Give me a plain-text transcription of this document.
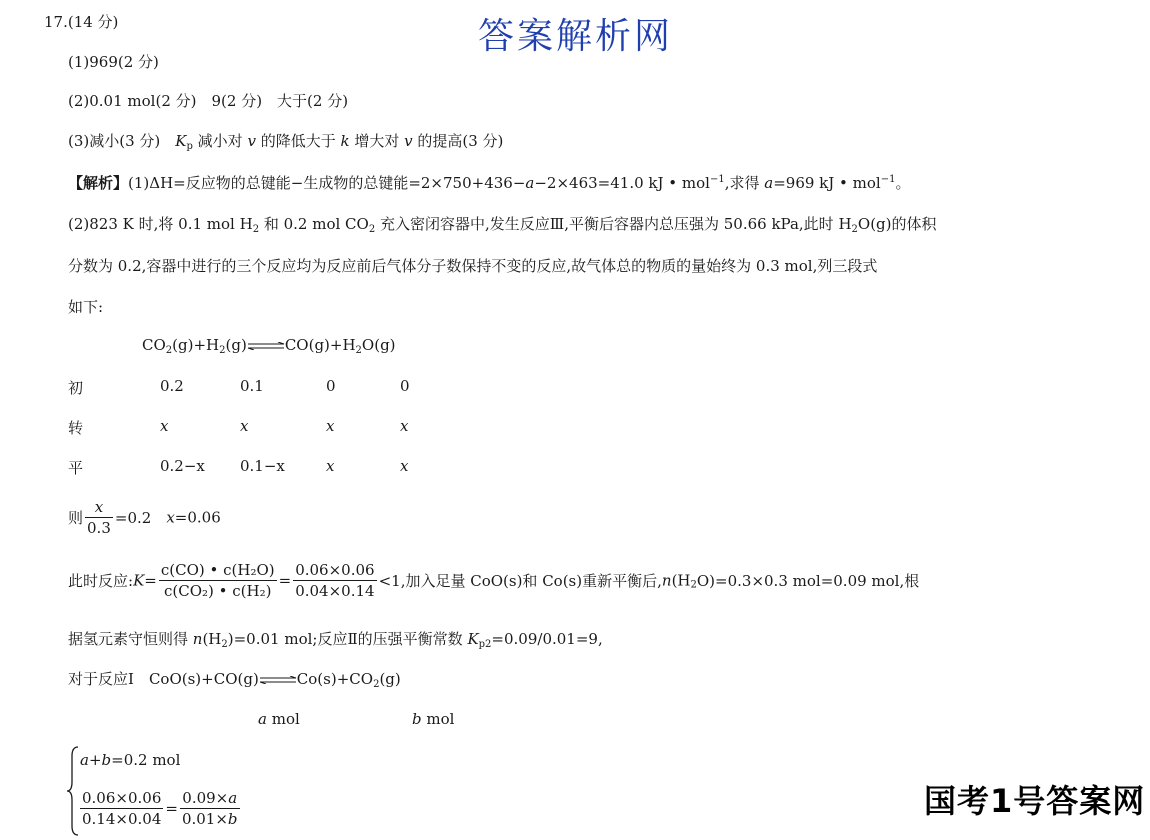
答案解析网
国考1号答案网
17.(14 分)
(1)969(2 分)
(2)0.01 mol(2 分)　9(2 分)　大于(2 分)
(3)减小(3 分)　$K_p$ 减小对 v 的降低大于 k 增大对 v 的提高(3 分)
【解析】(1)ΔH=反应物的总键能−生成物的总键能=2×750+436−a−2×463=41.0 kJ • mol$^{-1}$,求得 a=969 kJ • mol$^{-1}$。
(2)823 K 时,将 0.1 mol $H_2$ 和 0.2 mol $CO_2$ 充入密闭容器中,发生反应Ⅲ,平衡后容器内总压强为 50.66 kPa,此时 $H_2O(g)$的体积
分数为 0.2,容器中进行的三个反应均为反应前后气体分子数保持不变的反应,故气体总的物质的量始终为 0.3 mol,列三段式
如下:
$CO_2(g)+H_2(g)\rightleftharpoons CO(g)+H_2O(g)$
初	0.2	0.1	0	0
转	x	x	x	x
平	0.2−x 0.1−x	x	x
则 $\frac{x}{0.3} =0.2$　x=0.06
此时反应:K= $\frac{\text{c(CO) • c(H₂O)}}{\text{c(CO₂) • c(H₂)}} = \frac{0.06\times 0.06}{0.04\times 0.14} <1$,加入足量 CoO(s)和 Co(s)重新平衡后$,n(H_2O)=0.3\times 0.3$ mol=0.09 mol,根
据氢元素守恒则得 $n(H_2)=0.01$ mol;反应Ⅱ的压强平衡常数 $K_{p2}=0.09/0.01=9$,
对于反应Ⅰ　$CoO(s)+CO(g)\rightleftharpoons Co(s)+CO_2(g)$
a mol	b mol
a+b=0.2 mol
$\frac{0.06\times 0.06}{0.14\times 0.04} = \frac{0.09\times a}{0.01\times b}$
